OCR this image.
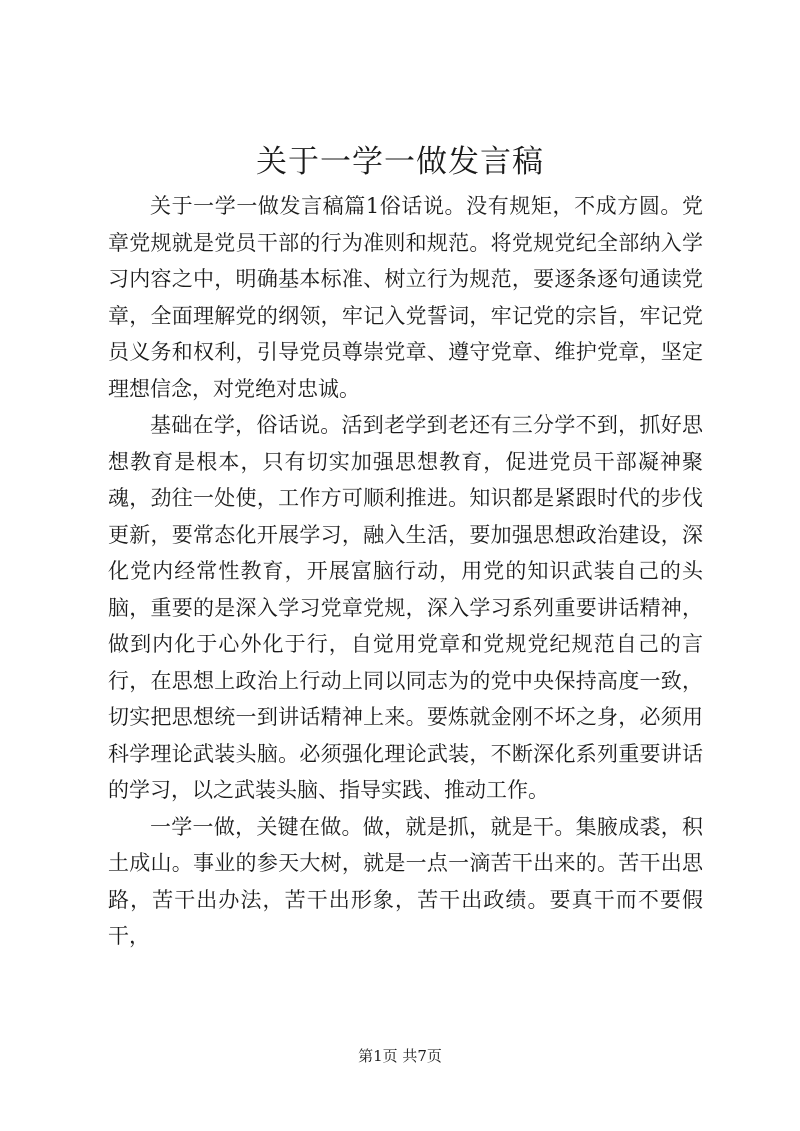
关于一学一做发言稿

关于一学一做发言稿篇1俗话说。没有规矩，不成方圆。党章党规就是党员干部的行为准则和规范。将党规党纪全部纳入学习内容之中，明确基本标准、树立行为规范，要逐条逐句通读党章，全面理解党的纲领，牢记入党誓词，牢记党的宗旨，牢记党员义务和权利，引导党员尊崇党章、遵守党章、维护党章，坚定理想信念，对党绝对忠诚。

基础在学，俗话说。活到老学到老还有三分学不到，抓好思想教育是根本，只有切实加强思想教育，促进党员干部凝神聚魂，劲往一处使，工作方可顺利推进。知识都是紧跟时代的步伐更新，要常态化开展学习，融入生活，要加强思想政治建设，深化党内经常性教育，开展富脑行动，用党的知识武装自己的头脑，重要的是深入学习党章党规，深入学习系列重要讲话精神，做到内化于心外化于行，自觉用党章和党规党纪规范自己的言行，在思想上政治上行动上同以同志为的党中央保持高度一致，切实把思想统一到讲话精神上来。要炼就金刚不坏之身，必须用科学理论武装头脑。必须强化理论武装，不断深化系列重要讲话的学习，以之武装头脑、指导实践、推动工作。

一学一做，关键在做。做，就是抓，就是干。集腋成裘，积土成山。事业的参天大树，就是一点一滴苦干出来的。苦干出思路，苦干出办法，苦干出形象，苦干出政绩。要真干而不要假干，

第1页 共7页
